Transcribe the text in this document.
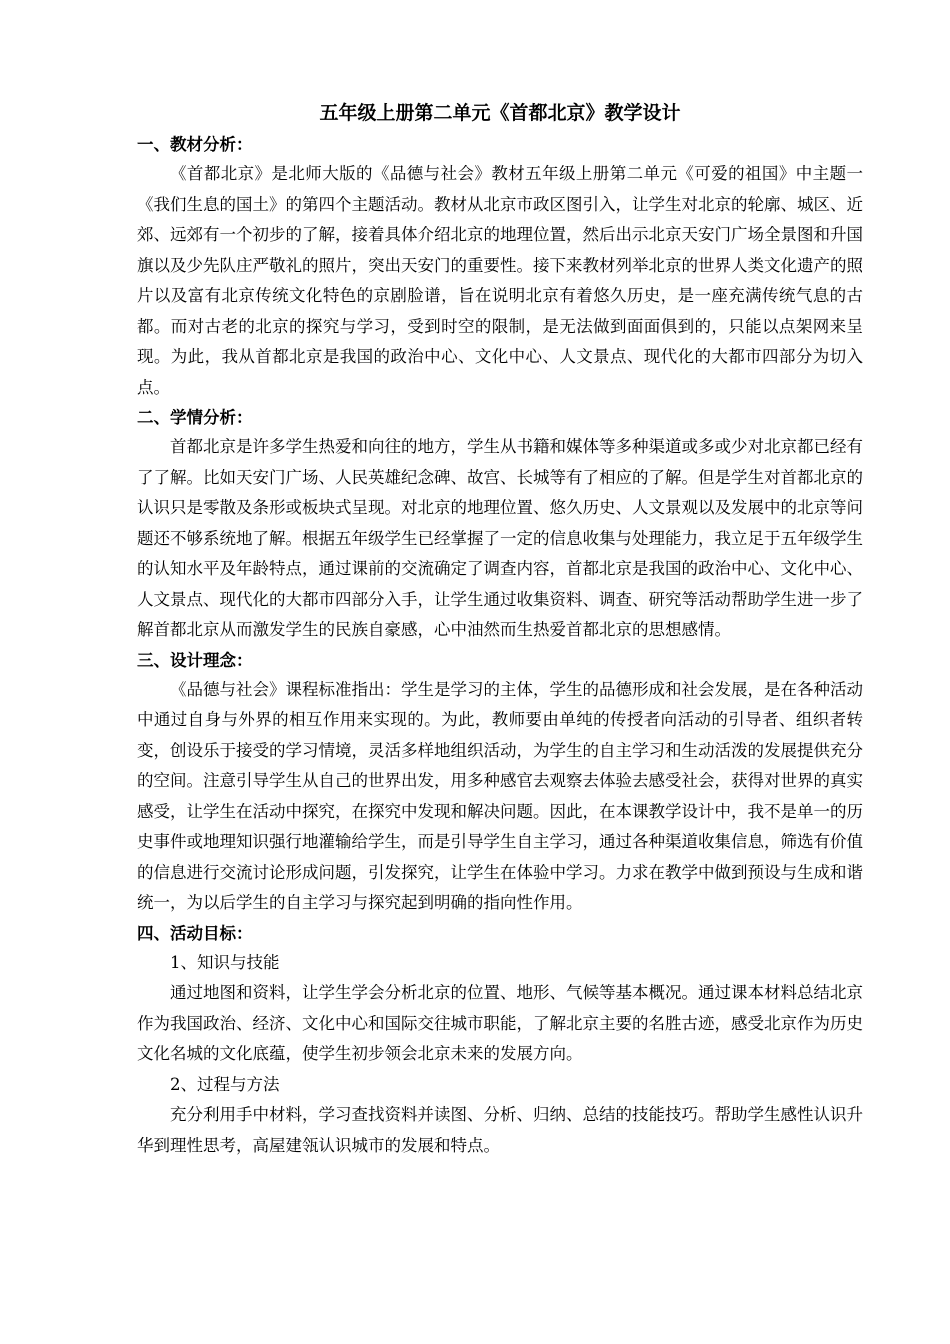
五年级上册第二单元《首都北京》教学设计

一、教材分析：

《首都北京》是北师大版的《品德与社会》教材五年级上册第二单元《可爱的祖国》中主题一《我们生息的国土》的第四个主题活动。教材从北京市政区图引入，让学生对北京的轮廓、城区、近郊、远郊有一个初步的了解，接着具体介绍北京的地理位置，然后出示北京天安门广场全景图和升国旗以及少先队庄严敬礼的照片，突出天安门的重要性。接下来教材列举北京的世界人类文化遗产的照片以及富有北京传统文化特色的京剧脸谱，旨在说明北京有着悠久历史，是一座充满传统气息的古都。而对古老的北京的探究与学习，受到时空的限制，是无法做到面面俱到的，只能以点架网来呈现。为此，我从首都北京是我国的政治中心、文化中心、人文景点、现代化的大都市四部分为切入点。

二、学情分析：

首都北京是许多学生热爱和向往的地方，学生从书籍和媒体等多种渠道或多或少对北京都已经有了了解。比如天安门广场、人民英雄纪念碑、故宫、长城等有了相应的了解。但是学生对首都北京的认识只是零散及条形或板块式呈现。对北京的地理位置、悠久历史、人文景观以及发展中的北京等问题还不够系统地了解。根据五年级学生已经掌握了一定的信息收集与处理能力，我立足于五年级学生的认知水平及年龄特点，通过课前的交流确定了调查内容，首都北京是我国的政治中心、文化中心、人文景点、现代化的大都市四部分入手，让学生通过收集资料、调查、研究等活动帮助学生进一步了解首都北京从而激发学生的民族自豪感，心中油然而生热爱首都北京的思想感情。

三、设计理念：

《品德与社会》课程标准指出：学生是学习的主体，学生的品德形成和社会发展，是在各种活动中通过自身与外界的相互作用来实现的。为此，教师要由单纯的传授者向活动的引导者、组织者转变，创设乐于接受的学习情境，灵活多样地组织活动，为学生的自主学习和生动活泼的发展提供充分的空间。注意引导学生从自己的世界出发，用多种感官去观察去体验去感受社会，获得对世界的真实感受，让学生在活动中探究，在探究中发现和解决问题。因此，在本课教学设计中，我不是单一的历史事件或地理知识强行地灌输给学生，而是引导学生自主学习，通过各种渠道收集信息，筛选有价值的信息进行交流讨论形成问题，引发探究，让学生在体验中学习。力求在教学中做到预设与生成和谐统一，为以后学生的自主学习与探究起到明确的指向性作用。

四、活动目标：

1、知识与技能

通过地图和资料，让学生学会分析北京的位置、地形、气候等基本概况。通过课本材料总结北京作为我国政治、经济、文化中心和国际交往城市职能，了解北京主要的名胜古迹，感受北京作为历史文化名城的文化底蕴，使学生初步领会北京未来的发展方向。

2、过程与方法

充分利用手中材料，学习查找资料并读图、分析、归纳、总结的技能技巧。帮助学生感性认识升华到理性思考，高屋建瓴认识城市的发展和特点。
